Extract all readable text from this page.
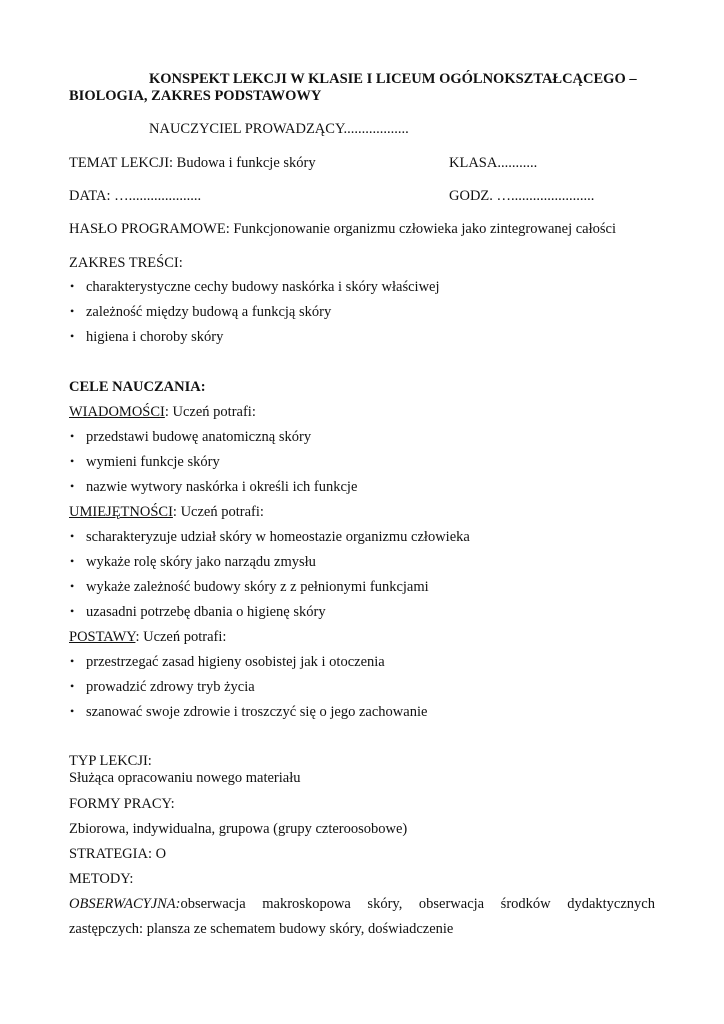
KONSPEKT LEKCJI W KLASIE I LICEUM OGÓLNOKSZTAŁCĄCEGO –
BIOLOGIA, ZAKRES PODSTAWOWY
NAUCZYCIEL PROWADZĄCY..................
TEMAT LEKCJI: Budowa i funkcje skóry	KLASA...........
DATA: …....................	GODZ. ….......................
HASŁO PROGRAMOWE: Funkcjonowanie organizmu człowieka jako zintegrowanej całości
ZAKRES TREŚCI:
• charakterystyczne cechy budowy naskórka i skóry właściwej
• zależność między budową a funkcją skóry
• higiena i choroby skóry
CELE NAUCZANIA:
WIADOMOŚCI: Uczeń potrafi:
• przedstawi budowę anatomiczną skóry
• wymieni funkcje skóry
• nazwie wytwory naskórka i określi ich funkcje
UMIEJĘTNOŚCI: Uczeń potrafi:
• scharakteryzuje udział skóry w homeostazie organizmu człowieka
• wykaże rolę skóry jako narządu zmysłu
• wykaże zależność budowy skóry z z pełnionymi funkcjami
• uzasadni potrzebę dbania o higienę skóry
POSTAWY: Uczeń potrafi:
• przestrzegać zasad higieny osobistej jak i otoczenia
• prowadzić zdrowy tryb życia
• szanować swoje zdrowie i troszczyć się o jego zachowanie
TYP LEKCJI:
Służąca opracowaniu nowego materiału
FORMY PRACY:
Zbiorowa, indywidualna, grupowa (grupy czteroosobowe)
STRATEGIA: O
METODY:
OBSERWACYJNA:obserwacja makroskopowa skóry, obserwacja środków dydaktycznych
zastępczych: plansza ze schematem budowy skóry, doświadczenie
